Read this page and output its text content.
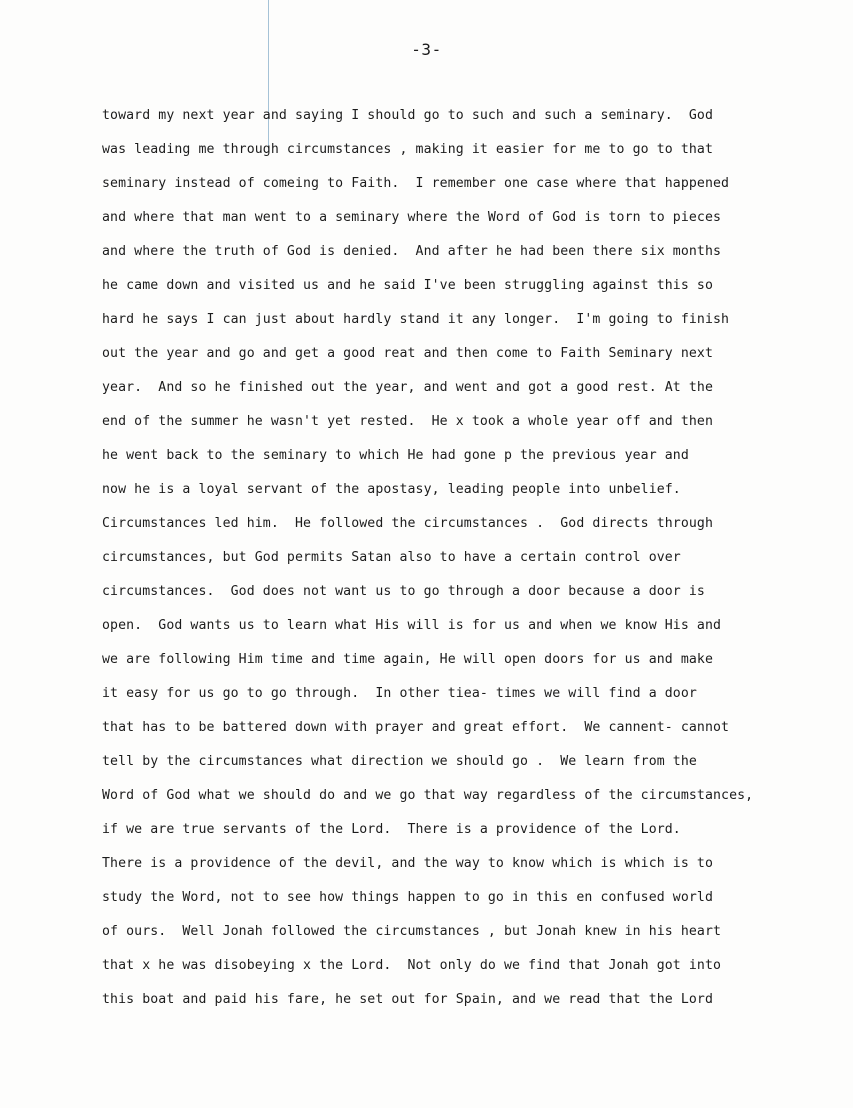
-3-
toward my next year and saying I should go to such and such a seminary.  God
was leading me through circumstances , making it easier for me to go to that
seminary instead of comeing to Faith.  I remember one case where that happened
and where that man went to a seminary where the Word of God is torn to pieces
and where the truth of God is denied.  And after he had been there six months
he came down and visited us and he said I've been struggling against this so
hard he says I can just about hardly stand it any longer.  I'm going to finish
out the year and go and get a good reat and then come to Faith Seminary next
year.  And so he finished out the year, and went and got a good rest. At the
end of the summer he wasn't yet rested.  He x took a whole year off and then
he went back to the seminary to which He had gone p the previous year and
now he is a loyal servant of the apostasy, leading people into unbelief.
Circumstances led him.  He followed the circumstances .  God directs through
circumstances, but God permits Satan also to have a certain control over
circumstances.  God does not want us to go through a door because a door is
open.  God wants us to learn what His will is for us and when we know His and
we are following Him time and time again, He will open doors for us and make
it easy for us go to go through.  In other tiea- times we will find a door
that has to be battered down with prayer and great effort.  We cannent- cannot
tell by the circumstances what direction we should go .  We learn from the
Word of God what we should do and we go that way regardless of the circumstances,
if we are true servants of the Lord.  There is a providence of the Lord.
There is a providence of the devil, and the way to know which is which is to
study the Word, not to see how things happen to go in this en confused world
of ours.  Well Jonah followed the circumstances , but Jonah knew in his heart
that x he was disobeying x the Lord.  Not only do we find that Jonah got into
this boat and paid his fare, he set out for Spain, and we read that the Lord
